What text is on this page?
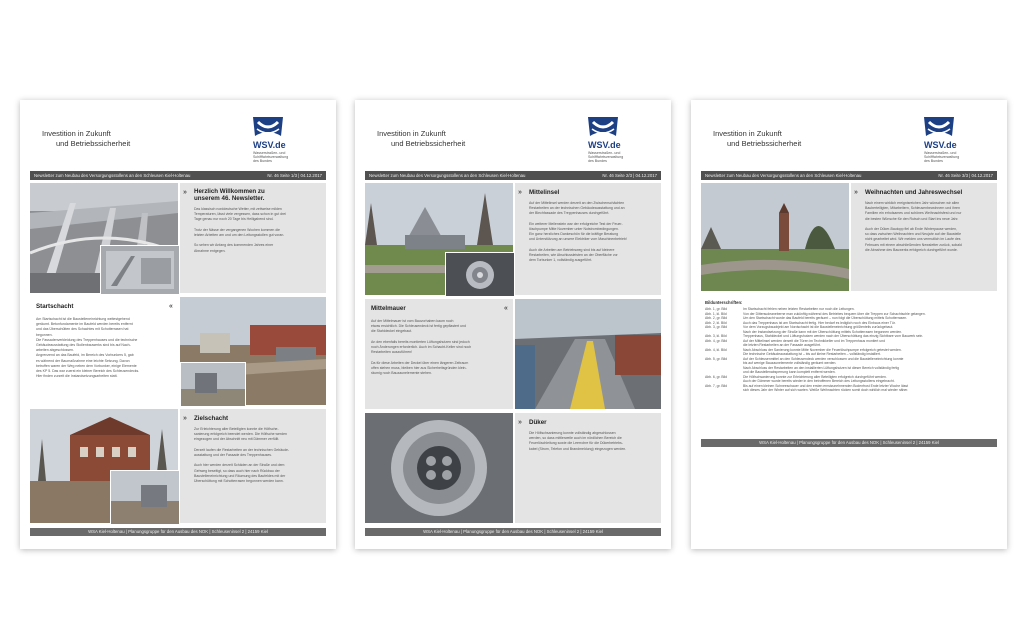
Investition in Zukunft
und Betriebssicherheit	WSV.de
Wasserstraßen- und
Schifffahrtsverwaltung
des Bundes
Newsletter zum Neubau des Versorgungsstollens an den Schleusen Kiel-Holtenau	Nr. 46 Seite 1/3 | 04.12.2017
» Herzlich Willkommen zu
unserem 46. Newsletter.
Das klassisch norddeutsche Wetter, mit zeitweise milden
Temperaturen, lässt viele vergessen, dass schon in gut drei
Tage genau nur noch 20 Tage bis Heiligabend sind.
Trotz der Nässe der vergangenen Wochen kommen die
letzten Arbeiten am und um den Leitungsstollen gut voran.
So sehen wir Anfang des kommenden Jahres einer
Abnahme entgegen.
Startschacht	«
Am Startschacht ist die Baustelleneinrichtung weitestgehend
geräumt. Betonfundamente im Baufeld werden bereits entfernt
und das Überschütten des Schachtes mit Schotterrasen hat
begonnen.
Die Fassadenverkleidung des Treppenhauses und die technische
Gebäudeausstattung des Stollenbauwerks sind bis auf Nach-
arbeiten abgeschlossen.
Angrenzend an das Baufeld, im Bereich des Vorbunkers 5, gab
es während der Baumaßnahme eine leichte Setzung. Davon
betroffen waren der Weg neben dem Vorbunker, einige Elemente
des KP 5. Das war zuerst ein kleiner Bereich des Schleusendecks.
Hier finden zurzeit die Instandsetzungsarbeiten statt.
» Zielschacht
Zur Erleichterung aller Beteiligten konnte die Höfische-
sanierung erfolgreich beendet werden. Die Höfische werden
eingezogen und der Abschnitt neu mit Dämmer verfüllt.
Derzeit laufen die Restarbeiten an der technischen Gebäude-
ausstattung und der Fassade des Treppenhauses.
Auch hier werden derzeit Schäden an der Straße und dem
Gehweg beseitigt, so dass auch hier nach Rückbau der
Baustelleneinrichtung und Räumung des Baufeldes mit der
Überschüttung mit Schotterrasen begonnen werden kann.
WSA Kiel-Holtenau | Planungsgruppe für den Ausbau des NOK | Schleuseninsel 2 | 24159 Kiel
Investition in Zukunft
und Betriebssicherheit	WSV.de
Wasserstraßen- und
Schifffahrtsverwaltung
des Bundes
Newsletter zum Neubau des Versorgungsstollens an den Schleusen Kiel-Holtenau	Nr. 46 Seite 2/3 | 04.12.2017
» Mittelinsel
Auf der Mittelinsel werden derzeit an den Zwischenschächten
Restarbeiten an der technischen Gebäudeausstattung und an
der Blechfassade des Treppenhauses durchgeführt.
Ein weiterer Meilenstein war der erfolgreiche Test der Feuer-
löschpumpe Mitte November unter Notstrombedingungen.
Ein ganz herzliches Dankeschön für die kräftige Beratung
und Unterstützung an unsere Elektriker vom Maschinenbetrieb!
Auch die Arbeiten am Betriebsweg sind bis auf kleinere
Restarbeiten, wie Abschlussleisten an der Oberfläche vor
dem Torbunker 1, vollständig ausgeführt.
Mittelmauer	«
Auf der Mittelmauer ist vom Bauvorhaben kaum noch
etwas ersichtlich. Die Schleusendeck ist fertig gepflastert und
die Stahldeckel eingebaut.
An den ebenfalls bereits montierten Lüftungshutzen sind jedoch
noch Änderungen erforderlich. Auch im Schacht-Keller sind noch
Restarbeiten auszuführen!
Da für diese Arbeiten der Deckel über einen längeren Zeitraum
offen stehen muss, bleiben hier aus Sicherheitsgründen klein-
räumig noch Bauzaunelemente stehen.
» Düker
Die Höfischsanierung konnte vollständig abgeschlossen
werden, so dass mittlerweile auch im nördlichen Bereich die
Feuerlöschleitung sowie die Leerrohre für die Dükerbetriebs-
kabel (Strom, Telefon und Brandmeldung) eingezogen werden.
WSA Kiel-Holtenau | Planungsgruppe für den Ausbau des NOK | Schleuseninsel 2 | 24159 Kiel
Investition in Zukunft
und Betriebssicherheit	WSV.de
Wasserstraßen- und
Schifffahrtsverwaltung
des Bundes
Newsletter zum Neubau des Versorgungsstollens an den Schleusen Kiel-Holtenau	Nr. 46 Seite 3/3 | 04.12.2017
» Weihnachten und Jahreswechsel
Nach einem wirklich ereignisreichen Jahr wünschen wir allen
Bauberteiligten, Mitarbeitern, Schleusenbewohnern und ihren
Familien ein erholsames und schönes Weihnachtsfest und nur
die besten Wünsche für den Rutsch und Start ins neue Jahr.
Auch der Düker-Bautopp fiel ab Ende Winterpause werden,
so dass zwischen Weihnachten und Neujahr auf der Baustelle
nicht gearbeitet wird. Wir melden uns vermutlich im Laufe des
Februars mit einem abschließenden Newsletter zurück, sobald
die Abnahme des Bauwerks erfolgreich durchgeführt wurde.
Bildunterschriften:
Abb. 1, gr. Bild	Im Startschacht fehlen neben letzten Restarbeiten nur noch die Leitungen.
Abb. 1, kl. Bild	Von der Dittersudeaneberne man zukünftig während des Betriebes bequem über die Treppen zur Schachtsohle gelangen.
Abb. 2, gr. Bild	Um den Startschacht wurde das Baufeld bereits geräumt – nun folgt die Überschüttung mittels Schotterrasen.
Abb. 2, kl. Bild	Auch das Treppenhaus ist am Startschacht fertig. Hier bedarf es lediglich noch des Einbaus einer Tür.
Abb. 3, gr. Bild	Vor dem Vorzugsbauobjekt am Nordschacht ist die Baustelleneinrichtung größtenteils zurückgebaut.
Nach der Instandsetzung der Straße kann mit der Überschüttung mittels Schotterrasen begonnen werden.
Abb. 3, kl. Bild	Treppenhaus, Stahldeckel und Lüftungshutzen werden nach der Überschüttung das einzig Sichtbare vom Bauwerk sein.
Abb. 4, gr. Bild	Auf der Mittelinsel werden derzeit die Türen im Technikkeller und im Treppenhaus montiert und
die letzten Restarbeiten an der Fassade ausgeführt.
Abb. 4, kl. Bild	Nach Abschluss der Sanierung konnte Mitte November die Feuerlöschpumpe erfolgreich getestet werden.
Die technische Gebäudeausstattung ist – bis auf kleine Restarbeiten – vollständig installiert.
Abb. 5, gr. Bild	Auf der Schleusenmittel an den Schleusendeck werden verschlossen und die Baustelleneinrichtung konnte
bis auf wenige Bauzaunelemente vollständig geräumt werden.
Nach Abschluss der Restarbeiten an den installierten Lüftungshutzen ist dieser Bereich vollständig fertig
und die Baustellenabsperrung kann komplett entfernt werden.
Abb. 6, gr. Bild	Die Höfischsanierung konnte zur Erleichterung aller Beteiligten erfolgreich durchgeführt werden.
Auch der Dämmer wurde bereits wieder in den betroffenen Bereich des Leitungsstollens eingebracht.
Abb. 7, gr. Bild	Bis auf einen kleinen Schneeschauer und den ersten ernstzunehmenden Bodenfrost Ende letzter Woche lässt
sich dieses Jahr der Winter auf sich warten. Weiße Weihnachten rücken somit doch wirklich mal wieder näher.
WSA Kiel-Holtenau | Planungsgruppe für den Ausbau des NOK | Schleuseninsel 2 | 24159 Kiel
